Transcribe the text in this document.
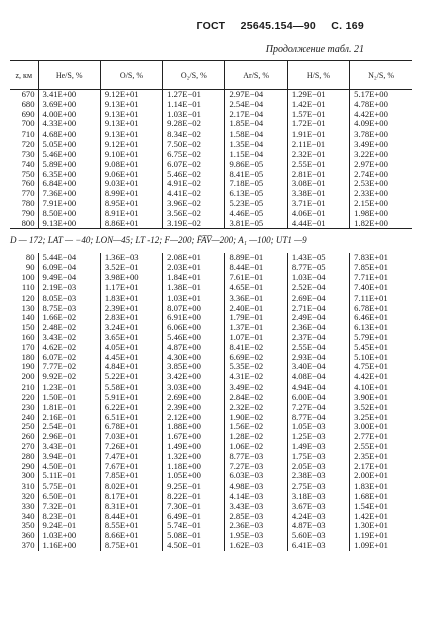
ГОСТ 25645.154—90 С. 169
Продолжение табл. 21
z, км	He/S, %	O/S, %	O₂/S, %	Ar/S, %	H/S, %	N₂/S, %
670	3.41E+00	9.12E+01	1.27E−01	2.97E−04	1.29E−01	5.17E+00
680	3.69E+00	9.13E+01	1.14E−01	2.54E−04	1.42E−01	4.78E+00
690	4.00E+00	9.13E+01	1.03E−01	2.17E−04	1.57E−01	4.42E+00
700	4.33E+00	9.13E+01	9.28E−02	1.85E−04	1.72E−01	4.09E+00
710	4.68E+00	9.13E+01	8.34E−02	1.58E−04	1.91E−01	3.78E+00
720	5.05E+00	9.12E+01	7.50E−02	1.35E−04	2.11E−01	3.49E+00
730	5.46E+00	9.10E+01	6.75E−02	1.15E−04	2.32E−01	3.22E+00
740	5.89E+00	9.08E+01	6.07E−02	9.86E−05	2.55E−01	2.97E+00
750	6.35E+00	9.06E+01	5.46E−02	8.41E−05	2.81E−01	2.74E+00
760	6.84E+00	9.03E+01	4.91E−02	7.18E−05	3.08E−01	2.53E+00
770	7.36E+00	8.99E+01	4.41E−02	6.13E−05	3.38E−01	2.33E+00
780	7.91E+00	8.95E+01	3.96E−02	5.23E−05	3.71E−01	2.15E+00
790	8.50E+00	8.91E+01	3.56E−02	4.46E−05	4.06E−01	1.98E+00
800	9.13E+00	8.86E+01	3.19E−02	3.81E−05	4.44E−01	1.82E+00
D — 172; LAT — −40; LON—45; LT -12; F—200; F̄A̅V̅—200; A₁ —100; UT1 —9						
80	5.44E−04	1.36E−03	2.08E+01	8.89E−01	1.43E−05	7.83E+01
90	6.09E−04	3.52E−01	2.03E+01	8.44E−01	8.77E−05	7.85E+01
100	9.49E−04	3.98E+00	1.84E+01	7.61E−01	1.03E−04	7.71E+01
110	2.19E−03	1.17E+01	1.38E−01	4.65E−01	2.52E−04	7.40E+01
120	8.05E−03	1.83E+01	1.03E+01	3.36E−01	2.69E−04	7.11E+01
130	8.75E−03	2.39E+01	8.07E+00	2.40E−01	2.71E−04	6.78E+01
140	1.66E−02	2.83E+01	6.91E+00	1.79E−01	2.49E−04	6.46E+01
150	2.48E−02	3.24E+01	6.06E+00	1.37E−01	2.36E−04	6.13E+01
160	3.43E−02	3.65E+01	5.46E+00	1.07E−01	2.37E−04	5.79E+01
170	4.62E−02	4.05E+01	4.87E+00	8.41E−02	2.55E−04	5.45E+01
180	6.07E−02	4.45E+01	4.30E+00	6.69E−02	2.93E−04	5.10E+01
190	7.77E−02	4.84E+01	3.85E+00	5.35E−02	3.40E−04	4.75E+01
200	9.92E−02	5.22E+01	3.42E+00	4.31E−02	4.08E−04	4.42E+01
210	1.23E−01	5.58E+01	3.03E+00	3.49E−02	4.94E−04	4.10E+01
220	1.50E−01	5.91E+01	2.69E+00	2.84E−02	6.00E−04	3.90E+01
230	1.81E−01	6.22E+01	2.39E+00	2.32E−02	7.27E−04	3.52E+01
240	2.16E−01	6.51E+01	2.12E+00	1.90E−02	8.77E−04	3.25E+01
250	2.54E−01	6.78E+01	1.88E+00	1.56E−02	1.05E−03	3.00E+01
260	2.96E−01	7.03E+01	1.67E+00	1.28E−02	1.25E−03	2.77E+01
270	3.43E−01	7.26E+01	1.49E+00	1.06E−02	1.49E−03	2.55E+01
280	3.94E−01	7.47E+01	1.32E+00	8.77E−03	1.75E−03	2.35E+01
290	4.50E−01	7.67E+01	1.18E+00	7.27E−03	2.05E−03	2.17E+01
300	5.11E−01	7.85E+01	1.05E+00	6.03E−03	2.38E−03	2.00E+01
310	5.75E−01	8.02E+01	9.25E−01	4.98E−03	2.75E−03	1.83E+01
320	6.50E−01	8.17E+01	8.22E−01	4.14E−03	3.18E−03	1.68E+01
330	7.32E−01	8.31E+01	7.30E−01	3.43E−03	3.67E−03	1.54E+01
340	8.23E−01	8.44E+01	6.49E−01	2.85E−03	4.24E−03	1.42E+01
350	9.24E−01	8.55E+01	5.74E−01	2.36E−03	4.87E−03	1.30E+01
360	1.03E+00	8.66E+01	5.08E−01	1.95E−03	5.60E−03	1.19E+01
370	1.16E+00	8.75E+01	4.50E−01	1.62E−03	6.41E−03	1.09E+01
